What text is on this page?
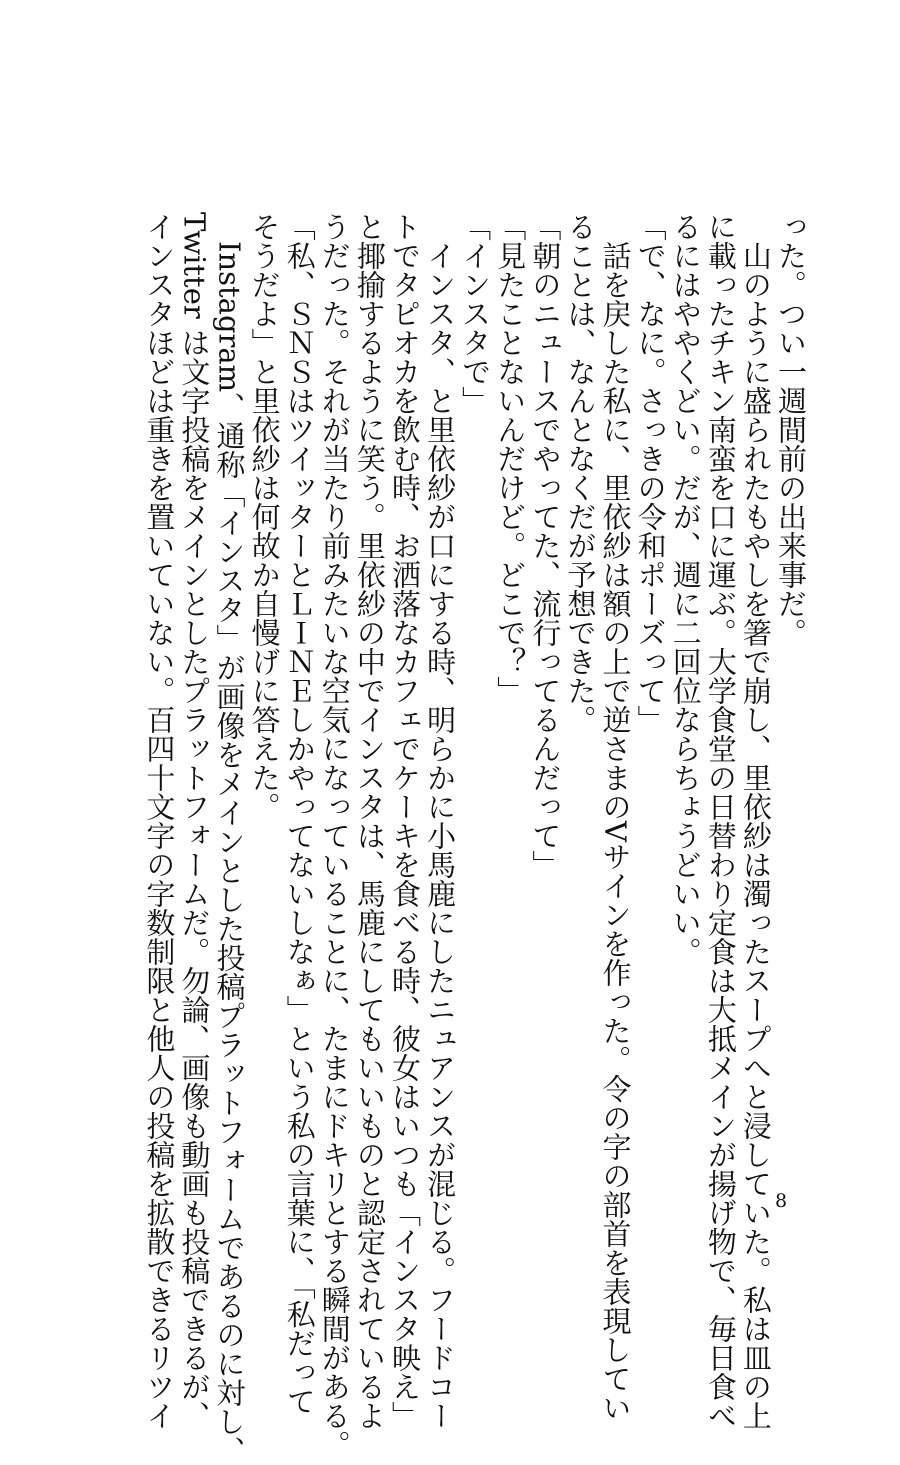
った。つい一週間前の出来事だ。
　山のように盛られたもやしを箸で崩し、里依紗は濁ったスープへと浸していた。私は皿の上
に載ったチキン南蛮を口に運ぶ。大学食堂の日替わり定食は大抵メインが揚げ物で、毎日食べ
るにはややくどい。だが、週に二回位ならちょうどいい。
「で、なに。さっきの令和ポーズって」
　話を戻した私に、里依紗は額の上で逆さまのVサインを作った。令の字の部首を表現してい
ることは、なんとなくだが予想できた。
「朝のニュースでやってた、流行ってるんだって」
「見たことないんだけど。どこで？」
「インスタで」
　インスタ、と里依紗が口にする時、明らかに小馬鹿にしたニュアンスが混じる。フードコー
トでタピオカを飲む時、お洒落なカフェでケーキを食べる時、彼女はいつも「インスタ映え」
と揶揄するように笑う。里依紗の中でインスタは、馬鹿にしてもいいものと認定されているよ
うだった。それが当たり前みたいな空気になっていることに、たまにドキリとする瞬間がある。
「私、ＳＮＳはツイッターとＬＩＮＥしかやってないしなぁ」という私の言葉に、「私だって
そうだよ」と里依紗は何故か自慢げに答えた。
　Instagram、通称「インスタ」が画像をメインとした投稿プラットフォームであるのに対し、
Twitter は文字投稿をメインとしたプラットフォームだ。勿論、画像も動画も投稿できるが、
インスタほどは重きを置いていない。百四十文字の字数制限と他人の投稿を拡散できるリツイ	8
